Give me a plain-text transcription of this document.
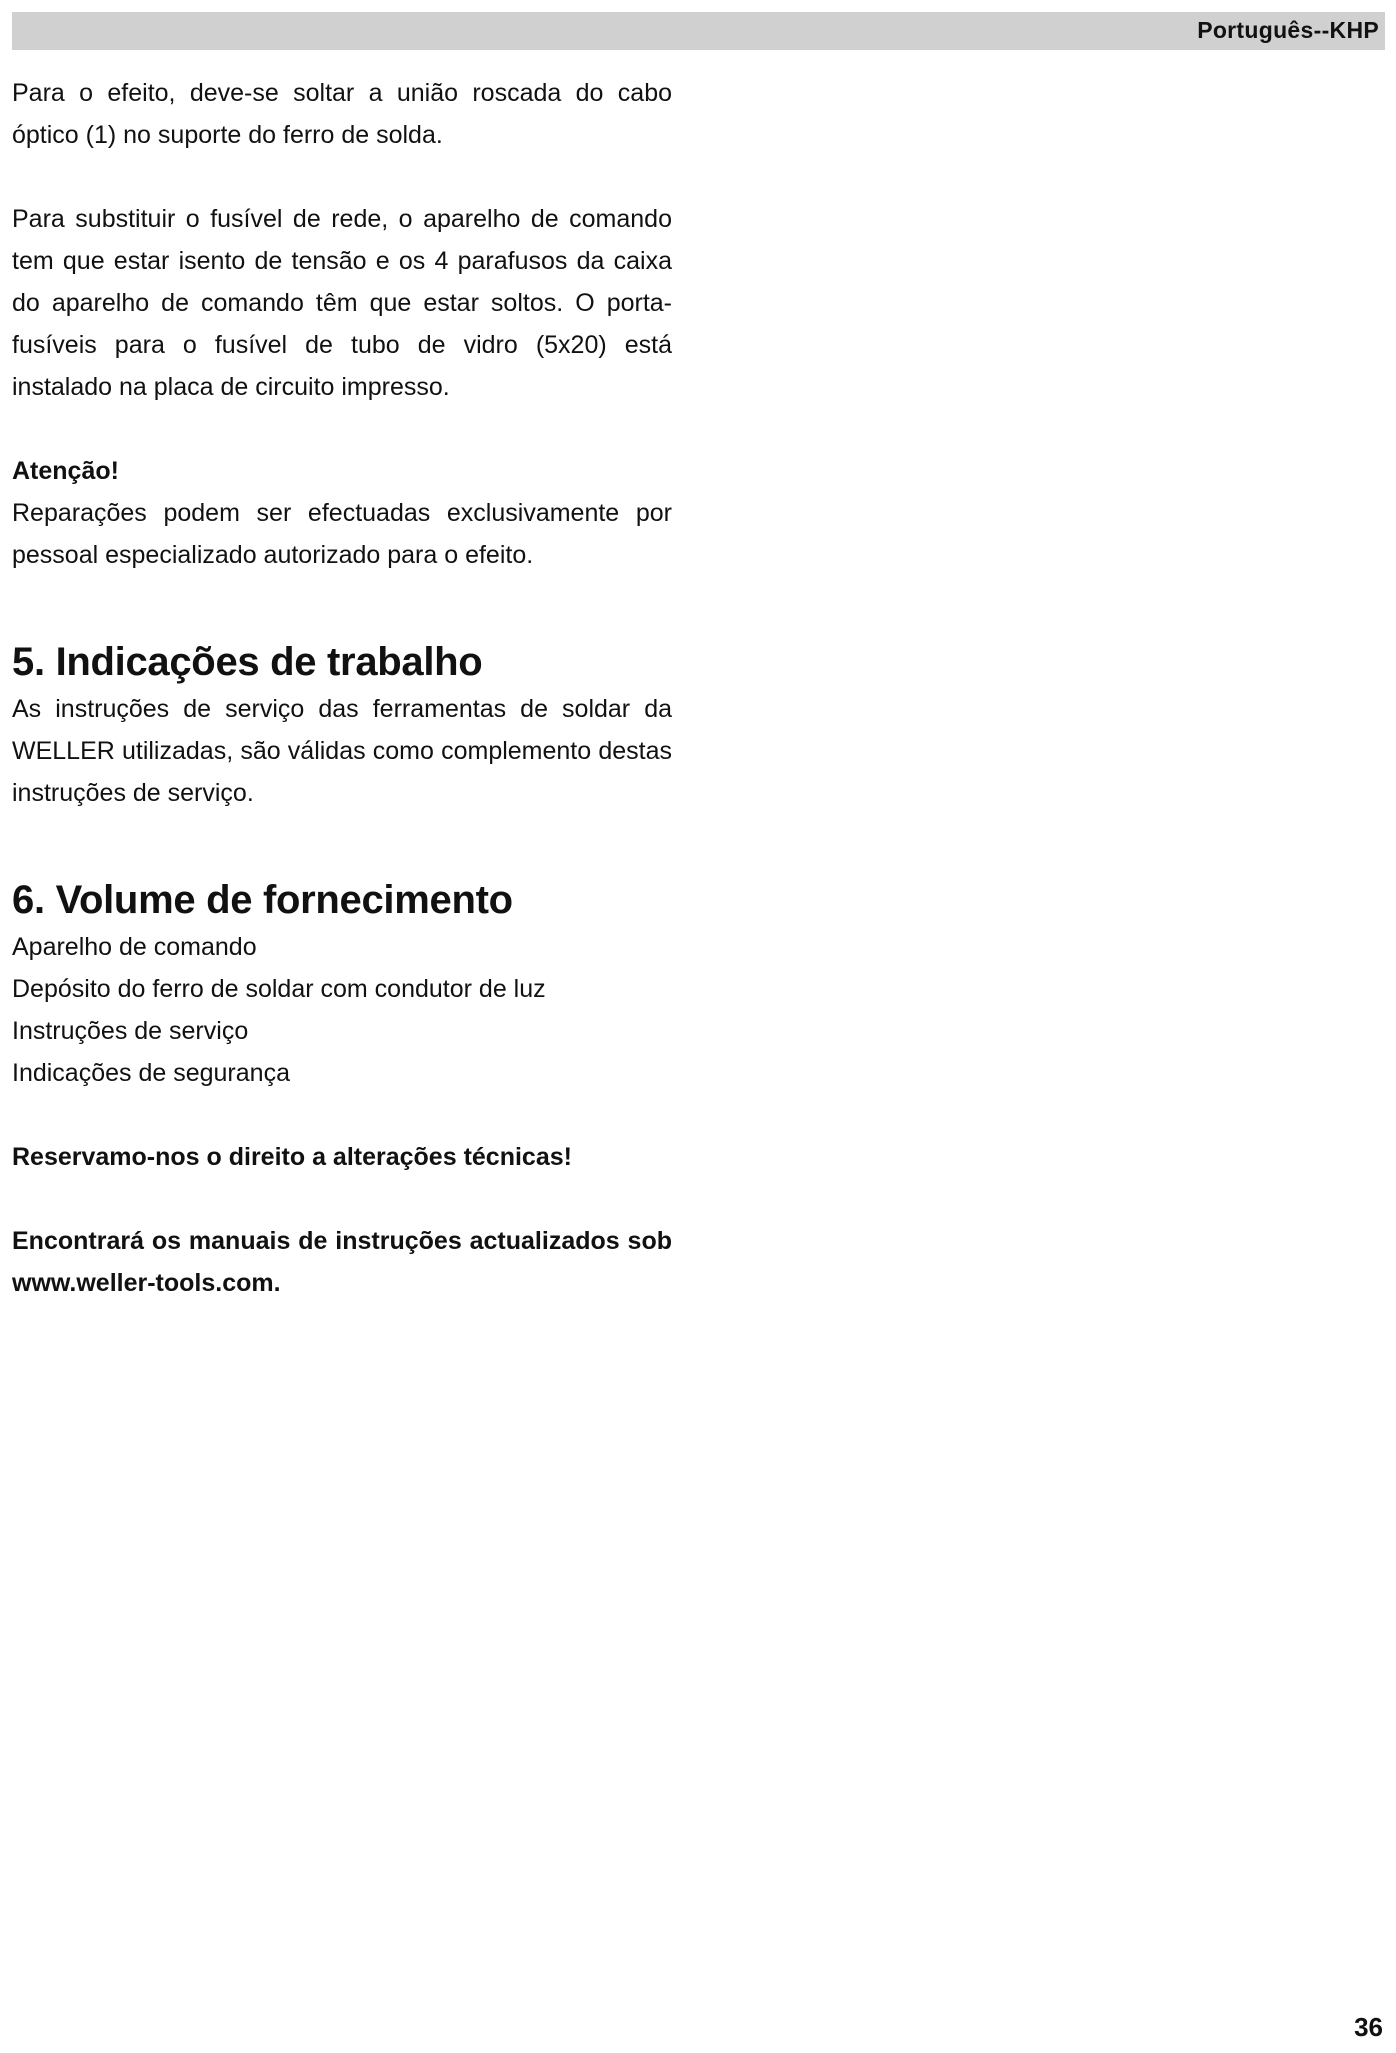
Português--KHP

Para o efeito, deve-se soltar a união roscada do cabo óptico (1) no suporte do ferro de solda.

Para substituir o fusível de rede, o aparelho de comando tem que estar isento de tensão e os 4 parafusos da caixa do aparelho de comando têm que estar soltos. O porta-fusíveis para o fusível de tubo de vidro (5x20) está instalado na placa de circuito impresso.

Atenção!

Reparações podem ser efectuadas exclusivamente por pessoal especializado autorizado para o efeito.

5. Indicações de trabalho

As instruções de serviço das ferramentas de soldar da WELLER utilizadas, são válidas como complemento destas instruções de serviço.

6. Volume de fornecimento

Aparelho de comando

Depósito do ferro de soldar com condutor de luz

Instruções de serviço

Indicações de segurança

Reservamo-nos o direito a alterações técnicas!

Encontrará os manuais de instruções actualizados sob www.weller-tools.com.

36
